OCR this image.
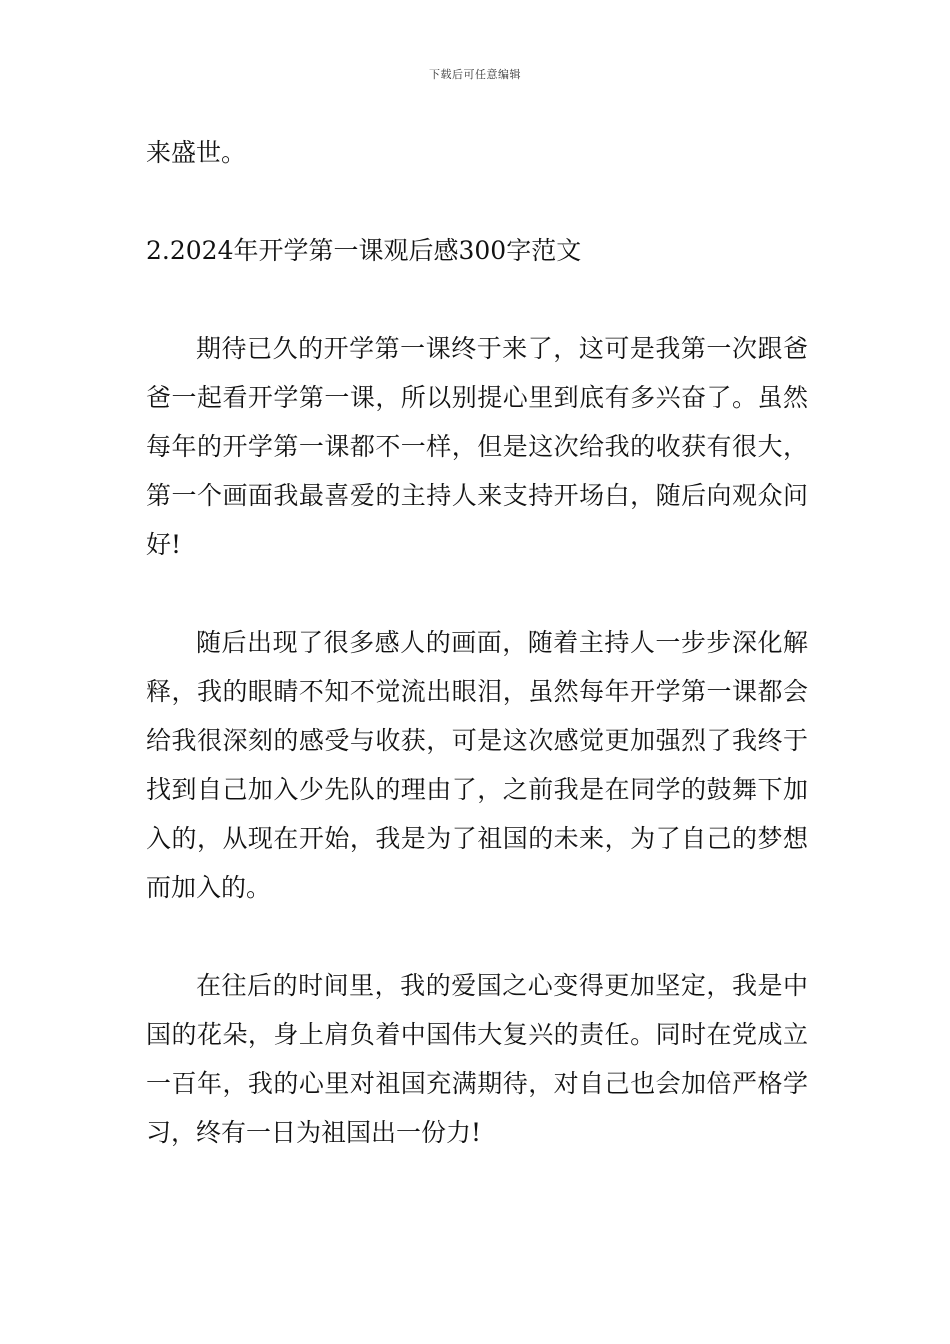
下载后可任意编辑

来盛世。

2.2024年开学第一课观后感300字范文

期待已久的开学第一课终于来了，这可是我第一次跟爸爸一起看开学第一课，所以别提心里到底有多兴奋了。虽然每年的开学第一课都不一样，但是这次给我的收获有很大，第一个画面我最喜爱的主持人来支持开场白，随后向观众问好!

随后出现了很多感人的画面，随着主持人一步步深化解释，我的眼睛不知不觉流出眼泪，虽然每年开学第一课都会给我很深刻的感受与收获，可是这次感觉更加强烈了我终于找到自己加入少先队的理由了，之前我是在同学的鼓舞下加入的，从现在开始，我是为了祖国的未来，为了自己的梦想而加入的。

在往后的时间里，我的爱国之心变得更加坚定，我是中国的花朵，身上肩负着中国伟大复兴的责任。同时在党成立一百年，我的心里对祖国充满期待，对自己也会加倍严格学习，终有一日为祖国出一份力!
